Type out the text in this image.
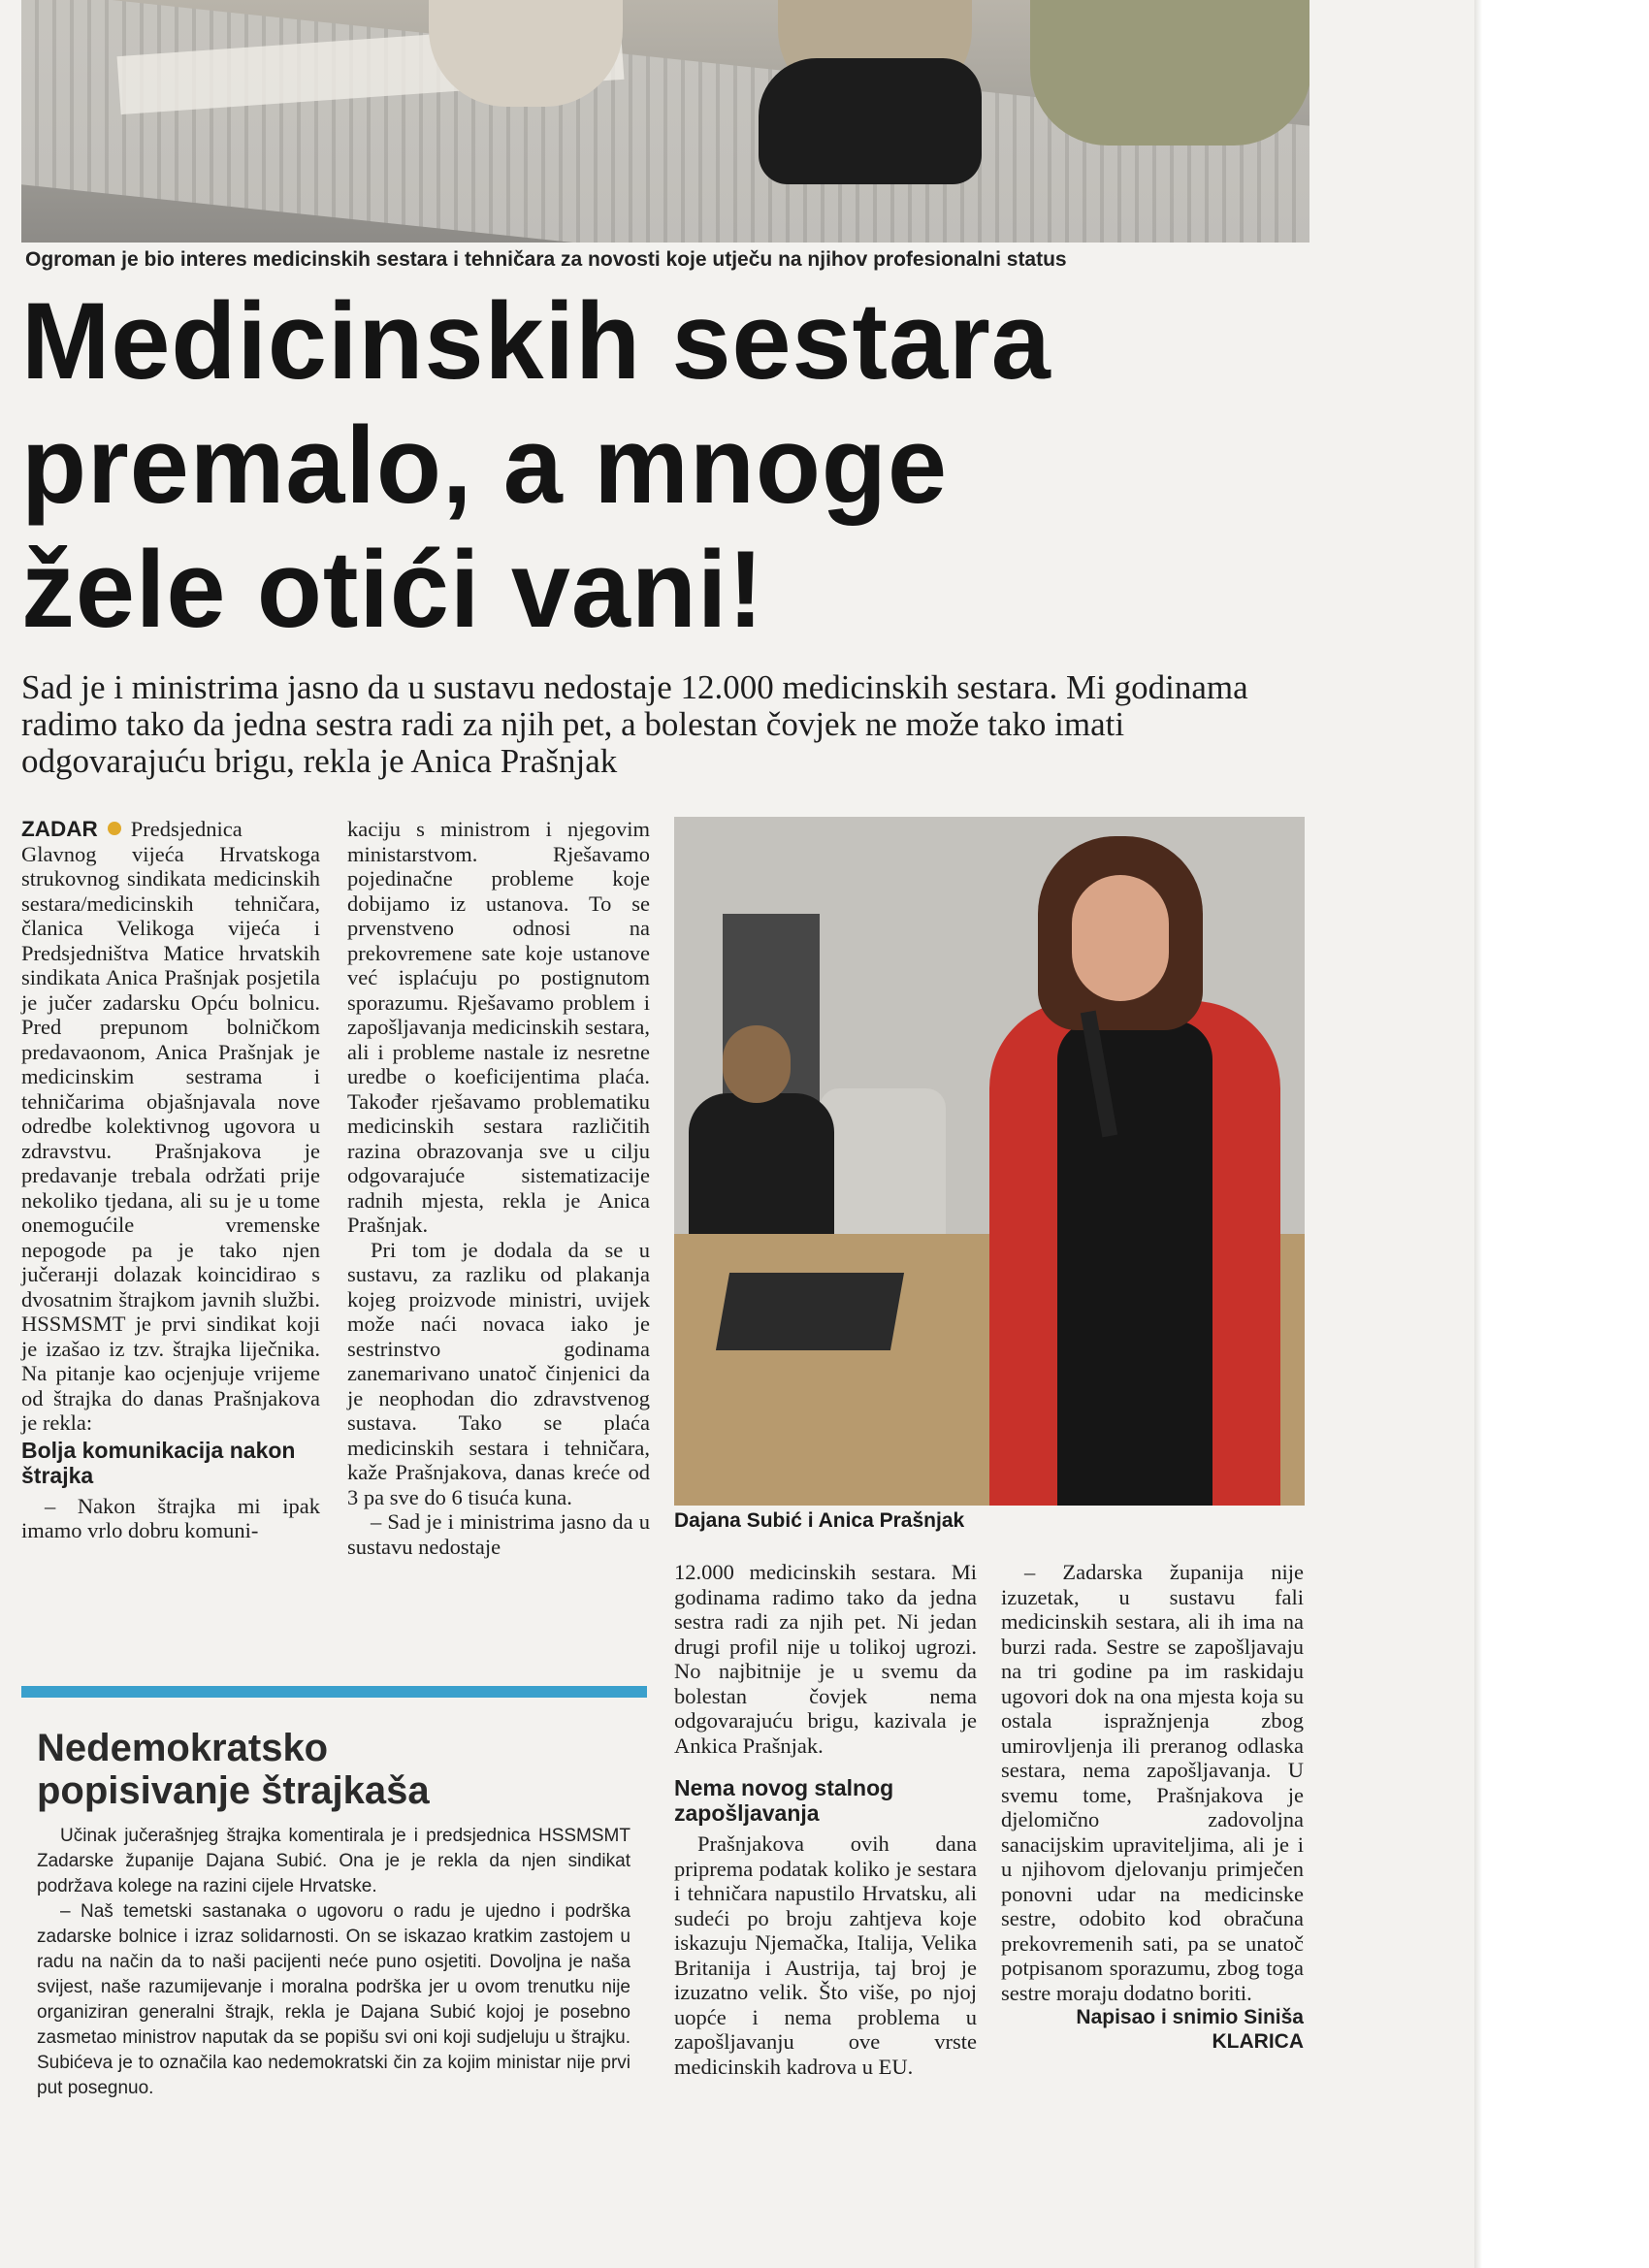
Ogroman je bio interes medicinskih sestara i tehničara za novosti koje utječu na njihov profesionalni status
Medicinskih sestara
premalo, a mnoge
žele otići vani!
Sad je i ministrima jasno da u sustavu nedostaje 12.000 medicinskih sestara. Mi godinama radimo tako da jedna sestra radi za njih pet, a bolestan čovjek ne može tako imati odgovarajuću brigu, rekla je Anica Prašnjak

ZADAR Predsjednica Glavnog vijeća Hrvatskoga strukovnog sindikata medicinskih sestara/medicinskih tehničara, članica Velikoga vijeća i Predsjedništva Matice hrvatskih sindikata Anica Prašnjak posjetila je jučer zadarsku Opću bolnicu. Pred prepunom bolničkom predavaonom, Anica Prašnjak je medicinskim sestrama i tehničarima objašnjavala nove odredbe kolektivnog ugovora u zdravstvu. Prašnjakova je predavanje trebala održati prije nekoliko tjedana, ali su je u tome onemogućile vremenske nepogode pa je tako njen jučerанji dolazak koincidirao s dvosatnim štrajkom javnih službi. HSSMSMT je prvi sindikat koji je izašao iz tzv. štrajka liječnika. Na pitanje kao ocjenjuje vrijeme od štrajka do danas Prašnjakova je rekla:

Bolja komunikacija nakon štrajka

– Nakon štrajka mi ipak imamo vrlo dobru komuni-

kaciju s ministrom i njegovim ministarstvom. Rješavamo pojedinačne probleme koje dobijamo iz ustanova. To se prvenstveno odnosi na prekovremene sate koje ustanove već isplaćuju po postignutom sporazumu. Rješavamo problem i zapošljavanja medicinskih sestara, ali i probleme nastale iz nesretne uredbe o koeficijentima plaća. Također rješavamo problematiku medicinskih sestara različitih razina obrazovanja sve u cilju odgovarajuće sistematizacije radnih mjesta, rekla je Anica Prašnjak.

Pri tom je dodala da se u sustavu, za razliku od plakanja kojeg proizvode ministri, uvijek može naći novaca iako je sestrinstvo godinama zanemarivano unatoč činjenici da je neophodan dio zdravstvenog sustava. Tako se plaća medicinskih sestara i tehničara, kaže Prašnjakova, danas kreće od 3 pa sve do 6 tisuća kuna.

– Sad je i ministrima jasno da u sustavu nedostaje

Dajana Subić i Anica Prašnjak

12.000 medicinskih sestara. Mi godinama radimo tako da jedna sestra radi za njih pet. Ni jedan drugi profil nije u tolikoj ugrozi. No najbitnije je u svemu da bolestan čovjek nema odgovarajuću brigu, kazivala je Ankica Prašnjak.

Nema novog stalnog zapošljavanja

Prašnjakova ovih dana priprema podatak koliko je sestara i tehničara napustilo Hrvatsku, ali sudeći po broju zahtjeva koje iskazuju Njemačka, Italija, Velika Britanija i Austrija, taj broj je izuzatno velik. Što više, po njoj uopće i nema problema u zapošljavanju ove vrste medicinskih kadrova u EU.

– Zadarska županija nije izuzetak, u sustavu fali medicinskih sestara, ali ih ima na burzi rada. Sestre se zapošljavaju na tri godine pa im raskidaju ugovori dok na ona mjesta koja su ostala ispražnjenja zbog umirovljenja ili preranog odlaska sestara, nema zapošljavanja. U svemu tome, Prašnjakova je djelomično zadovoljna sanacijskim upraviteljima, ali je i u njihovom djelovanju primječen ponovni udar na medicinske sestre, odobito kod obračuna prekovremenih sati, pa se unatoč potpisanom sporazumu, zbog toga sestre moraju dodatno boriti.

Napisao i snimio Siniša
KLARICA
Nedemokratsko
popisivanje štrajkaša

Učinak jučerašnjeg štrajka komentirala je i predsjednica HSSMSMT Zadarske županije Dajana Subić. Ona je je rekla da njen sindikat podržava kolege na razini cijele Hrvatske.

– Naš temetski sastanaka o ugovoru o radu je ujedno i podrška zadarske bolnice i izraz solidarnosti. On se iskazao kratkim zastojem u radu na način da to naši pacijenti neće puno osjetiti. Dovoljna je naša svijest, naše razumijevanje i moralna podrška jer u ovom trenutku nije organiziran generalni štrajk, rekla je Dajana Subić kojoj je posebno zasmetao ministrov naputak da se popišu svi oni koji sudjeluju u štrajku. Subićeva je to označila kao nedemokratski čin za kojim ministar nije prvi put posegnuo.
